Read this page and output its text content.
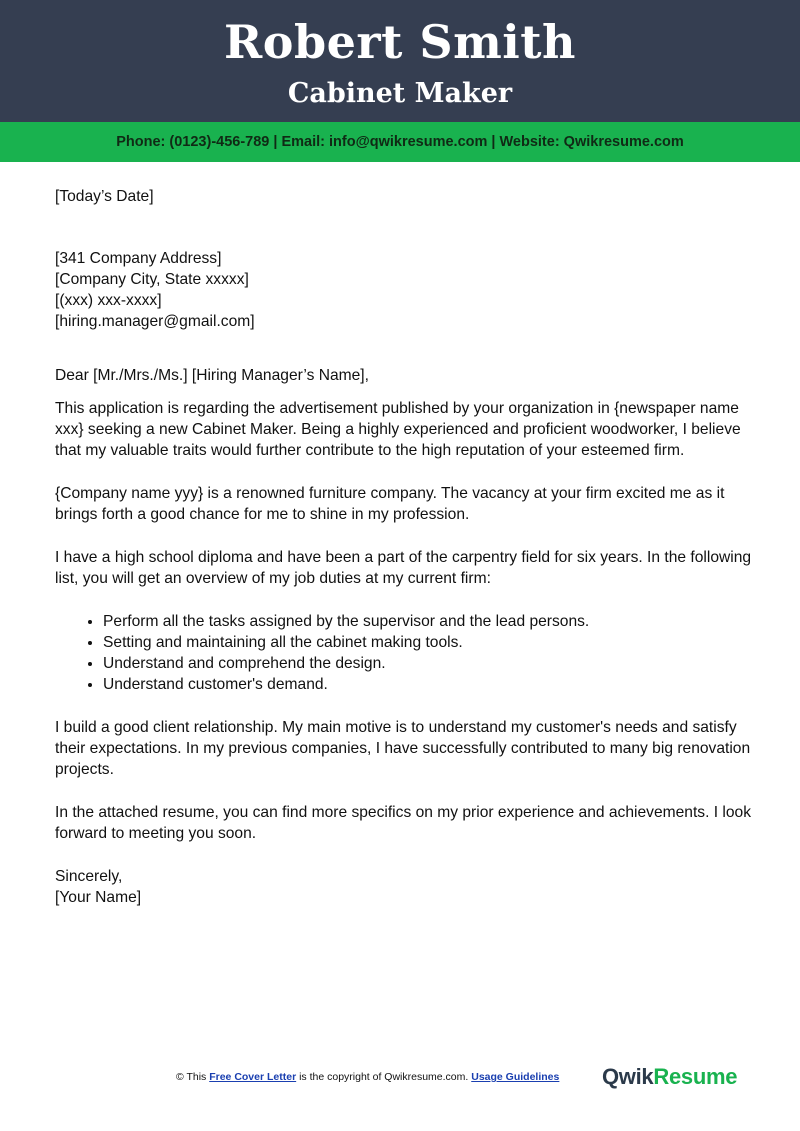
Robert Smith
Cabinet Maker
Phone: (0123)-456-789 | Email: info@qwikresume.com | Website: Qwikresume.com

[Today’s Date]

[341 Company Address]

[Company City, State xxxxx]

[(xxx) xxx-xxxx]

[hiring.manager@gmail.com]

Dear [Mr./Mrs./Ms.] [Hiring Manager’s Name],

This application is regarding the advertisement published by your organization in {newspaper name xxx} seeking a new Cabinet Maker. Being a highly experienced and proficient woodworker, I believe that my valuable traits would further contribute to the high reputation of your esteemed firm.

{Company name yyy} is a renowned furniture company. The vacancy at your firm excited me as it brings forth a good chance for me to shine in my profession.

I have a high school diploma and have been a part of the carpentry field for six years. In the following list, you will get an overview of my job duties at my current firm:

• Perform all the tasks assigned by the supervisor and the lead persons.
• Setting and maintaining all the cabinet making tools.
• Understand and comprehend the design.
• Understand customer's demand.

I build a good client relationship. My main motive is to understand my customer's needs and satisfy their expectations. In my previous companies, I have successfully contributed to many big renovation projects.

In the attached resume, you can find more specifics on my prior experience and achievements. I look forward to meeting you soon.

Sincerely,

[Your Name]

© This Free Cover Letter is the copyright of Qwikresume.com. Usage Guidelines QwikResume
